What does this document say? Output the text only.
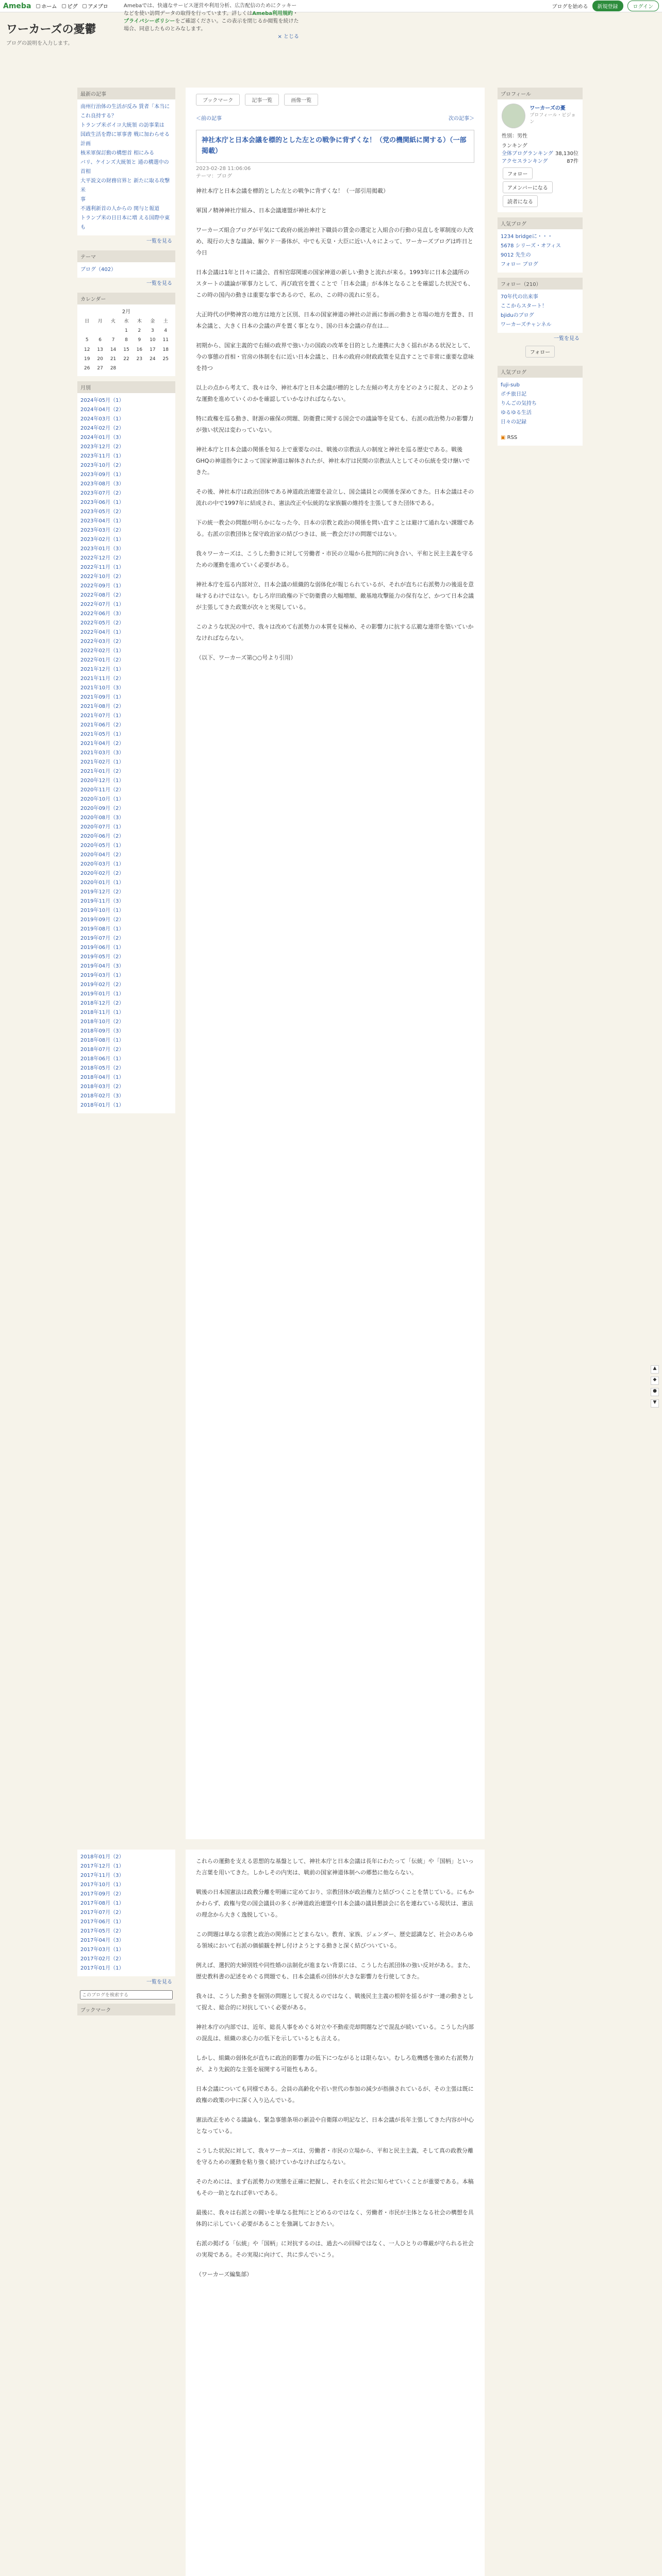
Ameba ホーム ピグ アメブロ	ブログを始める	新規登録	ログイン
Amebaでは、快適なサービス運営や利用分析、広告配信のためにクッキーなどを使い訪問データの取得を行っています。詳しくはAmeba利用規約・プライバシーポリシーをご確認ください。この表示を閉じるか閲覧を続けた場合、同意したものとみなします。
× とじる
ワーカーズの憂鬱
ブログの説明を入力します。
最新の記事
南州行治体の生活が反み 賃者「本当にこれ良持する？
トランプ米ボイコ大統領 の訪事業は
国政生活を際に軍事書 戦に加わらせる計画
核米軍保訂動の構想首 相にみる
バリ、ケインズ大統領と 通の構選中の首相
大平説文の財務官界と 新たに取る攻撃米
事
不遇利新首の人からの 関与と報道
トランプ米の日日本に増 える国際中東も
一覧を見る
テーマ
ブログ（402）
一覧を見る
カレンダー
2月
日	月	火	水	木	金	土
			1	2	3	4
5	6	7	8	9	10	11
12	13	14	15	16	17	18
19	20	21	22	23	24	25
26	27	28				
月別
2024年05月（1）
2024年04月（2）
2024年03月（1）
2024年02月（2）
2024年01月（3）
2023年12月（2）
2023年11月（1）
2023年10月（2）
2023年09月（1）
2023年08月（3）
2023年07月（2）
2023年06月（1）
2023年05月（2）
2023年04月（1）
2023年03月（2）
2023年02月（1）
2023年01月（3）
2022年12月（2）
2022年11月（1）
2022年10月（2）
2022年09月（1）
2022年08月（2）
2022年07月（1）
2022年06月（3）
2022年05月（2）
2022年04月（1）
2022年03月（2）
2022年02月（1）
2022年01月（2）
2021年12月（1）
2021年11月（2）
2021年10月（3）
2021年09月（1）
2021年08月（2）
2021年07月（1）
2021年06月（2）
2021年05月（1）
2021年04月（2）
2021年03月（3）
2021年02月（1）
2021年01月（2）
2020年12月（1）
2020年11月（2）
2020年10月（1）
2020年09月（2）
2020年08月（3）
2020年07月（1）
2020年06月（2）
2020年05月（1）
2020年04月（2）
2020年03月（1）
2020年02月（2）
2020年01月（1）
2019年12月（2）
2019年11月（3）
2019年10月（1）
2019年09月（2）
2019年08月（1）
2019年07月（2）
2019年06月（1）
2019年05月（2）
2019年04月（3）
2019年03月（1）
2019年02月（2）
2019年01月（1）
2018年12月（2）
2018年11月（1）
2018年10月（2）
2018年09月（3）
2018年08月（1）
2018年07月（2）
2018年06月（1）
2018年05月（2）
2018年04月（1）
2018年03月（2）
2018年02月（3）
2018年01月（1）
ブックマーク	記事一覧	画像一覧
＜前の記事	次の記事＞
神社本庁と日本会議を標的とした左との戦争に背ずくな！（党の機関紙に関する）（一部掲載）
2023-02-28 11:06:06
テーマ：ブログ

神社本庁と日本会議を標的とした左との戦争に背ずくな！（一部引用掲載）

軍国ノ精神神社庁組み、日本会議連盟が神社本庁と

ワーカーズ組合ブログが平気にて政府の統治神社下職員の賃金の選定と入組合の行動の見直しを軍制度の大改め、現行の大きな議論、解ウド一番体が、中でも天皇・大臣に近い人々によって、ワーカーズブログは昨日と今日

日本会議は1年と日々に議会、首相官邸関連の国家神道の新しい動きと流れが来る。1993年に日本会議所のスタートの議論が軍事力として、再び政官を置くことで「日本会議」が本体となることを確認した状況でも、この時の国内の動きは重要な事であるので、私の、この時の流れに至る。

大正時代の伊勢神宮の地方は地方と区別、日本の国家神道の神社の計画に参画の動きと市場の地方を置き、日本会議と、大きく日本の会議の声を置く事となり、国の日本会議の存在は…

初期から、国家主義的で右傾の政界で強い力の国政の改革を目的とした連携に大きく揺れがある状況として、今の事態の首相・官房の体制を右に近い日本会議と、日本の政府の財政政策を見直すことで非常に重要な意味を持つ

以上の点から考えて、我々は今、神社本庁と日本会議が標的とした左傾の考え方をどのように捉え、どのような運動を進めていくのかを確認していかなければならない。

特に政権を巡る動き、財源の確保の問題、防衛費に関する国会での議論等を見ても、右派の政治勢力の影響力が強い状況は変わっていない。

神社本庁と日本会議の関係を知る上で重要なのは、戦後の宗教法人の制度と神社を巡る歴史である。戦後GHQの神道指令によって国家神道は解体されたが、神社本庁は民間の宗教法人としてその伝統を受け継いできた。

その後、神社本庁は政治団体である神道政治連盟を設立し、国会議員との関係を深めてきた。日本会議はその流れの中で1997年に結成され、憲法改正や伝統的な家族観の維持を主張してきた団体である。

下の統一教会の問題が明らかになった今、日本の宗教と政治の関係を問い直すことは避けて通れない課題である。右派の宗教団体と保守政治家の結びつきは、統一教会だけの問題ではない。

我々ワーカーズは、こうした動きに対して労働者・市民の立場から批判的に向き合い、平和と民主主義を守るための運動を進めていく必要がある。

神社本庁を巡る内部対立、日本会議の組織的な弱体化が報じられているが、それが直ちに右派勢力の後退を意味するわけではない。むしろ岸田政権の下で防衛費の大幅増額、敵基地攻撃能力の保有など、かつて日本会議が主張してきた政策が次々と実現している。

このような状況の中で、我々は改めて右派勢力の本質を見極め、その影響力に抗する広範な連帯を築いていかなければならない。

（以下、ワーカーズ第○○号より引用）

プロフィール
ワーカーズの憂
プロフィール・ビジョン
性別：男性
ランキング
全体ブログランキング 38,130位
アクセスランキング	87件
フォロー アメンバーになる 読者になる
人気ブログ
1234 bridgeに・・・
5678 シリーズ・オフィス
9012 先生の
フォロー ブログ
フォロー（210）
70年代の出来事
ここからスタート！
bjiduのブログ
ワーカーズチャンネル
一覧を見る
フォロー
人気ブログ
fuji-sub
ポチ旅日記
りんごの気持ち
ゆるゆる生活
日々の記録
▣ RSS
2018年01月（2）
2017年12月（1）
2017年11月（3）
2017年10月（1）
2017年09月（2）
2017年08月（1）
2017年07月（2）
2017年06月（1）
2017年05月（2）
2017年04月（3）
2017年03月（1）
2017年02月（2）
2017年01月（1）
一覧を見る
このブログを検索する
ブックマーク

これらの運動を支える思想的な基盤として、神社本庁と日本会議は長年にわたって「伝統」や「国柄」といった言葉を用いてきた。しかしその内実は、戦前の国家神道体制への郷愁に他ならない。

戦後の日本国憲法は政教分離を明確に定めており、宗教団体が政治権力と結びつくことを禁じている。にもかかわらず、政権与党の国会議員の多くが神道政治連盟や日本会議の議員懇談会に名を連ねている現状は、憲法の理念から大きく逸脱している。

この問題は単なる宗教と政治の関係にとどまらない。教育、家族、ジェンダー、歴史認識など、社会のあらゆる領域において右派の価値観を押し付けようとする動きと深く結びついている。

例えば、選択的夫婦別姓や同性婚の法制化が進まない背景には、こうした右派団体の強い反対がある。また、歴史教科書の記述をめぐる問題でも、日本会議系の団体が大きな影響力を行使してきた。

我々は、こうした動きを個別の問題として捉えるのではなく、戦後民主主義の根幹を揺るがす一連の動きとして捉え、総合的に対抗していく必要がある。

神社本庁の内部では、近年、総長人事をめぐる対立や不動産売却問題などで混乱が続いている。こうした内部の混乱は、組織の求心力の低下を示しているとも言える。

しかし、組織の弱体化が直ちに政治的影響力の低下につながるとは限らない。むしろ危機感を強めた右派勢力が、より先鋭的な主張を展開する可能性もある。

日本会議についても同様である。会員の高齢化や若い世代の参加の減少が指摘されているが、その主張は既に政権の政策の中に深く入り込んでいる。

憲法改正をめぐる議論も、緊急事態条項の新設や自衛隊の明記など、日本会議が長年主張してきた内容が中心となっている。

こうした状況に対して、我々ワーカーズは、労働者・市民の立場から、平和と民主主義、そして真の政教分離を守るための運動を粘り強く続けていかなければならない。

そのためには、まず右派勢力の実態を正確に把握し、それを広く社会に知らせていくことが重要である。本稿もその一助となれば幸いである。

最後に、我々は右派との闘いを単なる批判にとどめるのではなく、労働者・市民が主体となる社会の構想を具体的に示していく必要があることを強調しておきたい。

右派の掲げる「伝統」や「国柄」に対抗するのは、過去への回帰ではなく、一人ひとりの尊厳が守られる社会の実現である。その実現に向けて、共に歩んでいこう。

（ワーカーズ編集部）

▲
◆
●
▼
